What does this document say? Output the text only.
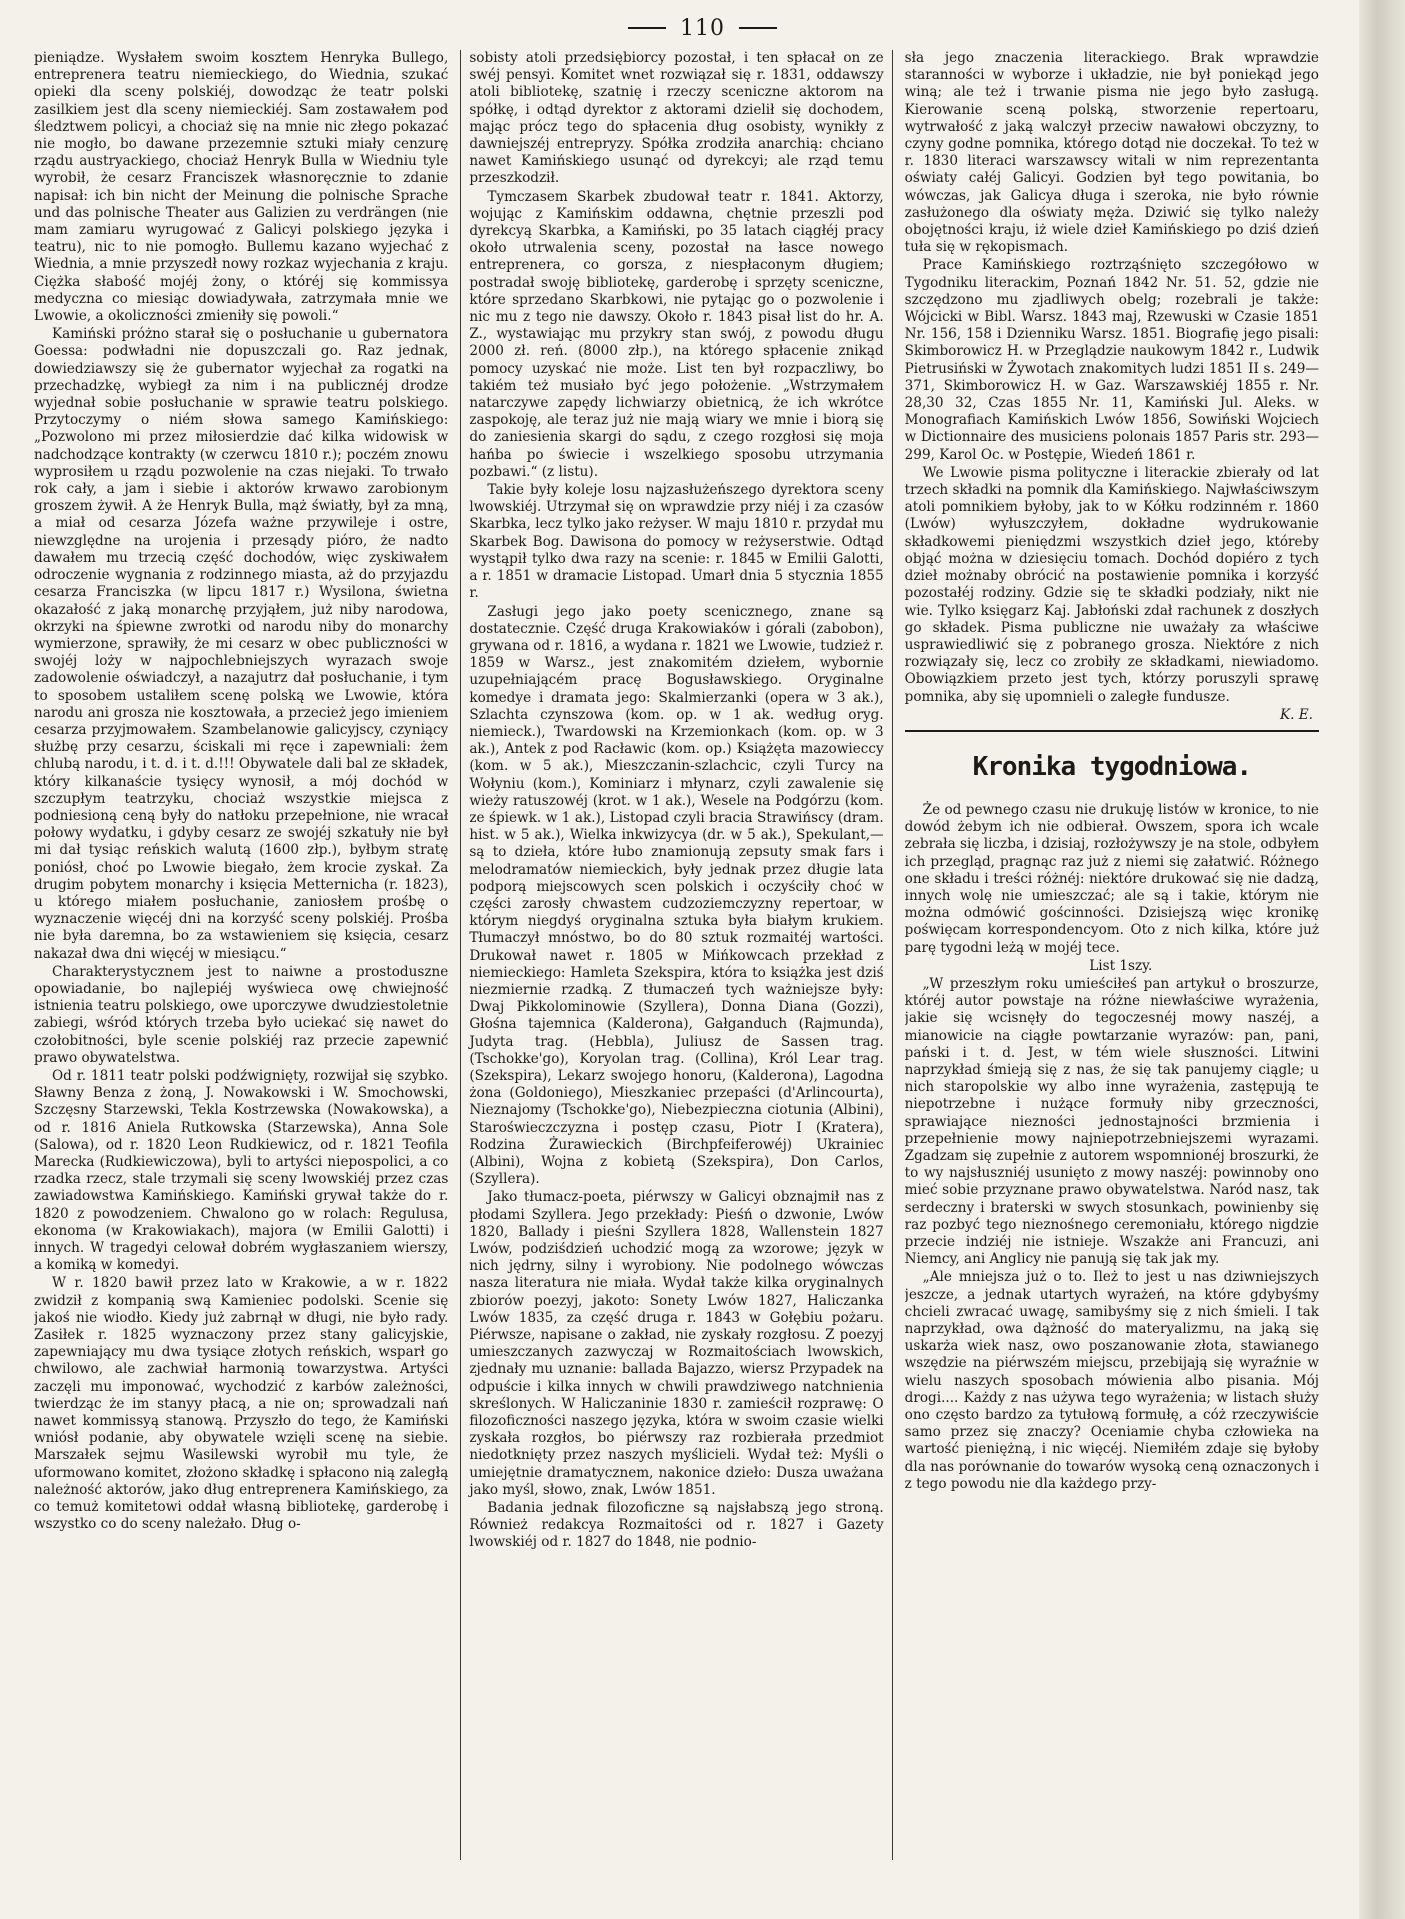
110

pieniądze. Wysłałem swoim kosztem Henryka Bullego, entreprenera teatru niemieckiego, do Wiednia, szukać opieki dla sceny polskiéj, dowodząc że teatr polski zasilkiem jest dla sceny niemieckiéj. Sam zostawałem pod śledztwem policyi, a chociaż się na mnie nic złego pokazać nie mogło, bo dawane przezemnie sztuki miały cenzurę rządu austryackiego, chociaż Henryk Bulla w Wiedniu tyle wyrobił, że cesarz Franciszek własnoręcznie to zdanie napisał: ich bin nicht der Meinung die polnische Sprache und das polnische Theater aus Galizien zu verdrängen (nie mam zamiaru wyrugować z Galicyi polskiego języka i teatru), nic to nie pomogło. Bullemu kazano wyjechać z Wiednia, a mnie przyszedł nowy rozkaz wyjechania z kraju. Ciężka słabość mojéj żony, o któréj się kommissya medyczna co miesiąc dowiadywała, zatrzymała mnie we Lwowie, a okoliczności zmieniły się powoli.“

Kamiński próżno starał się o posłuchanie u gubernatora Goessa: podwładni nie dopuszczali go. Raz jednak, dowiedziawszy się że gubernator wyjechał za rogatki na przechadzkę, wybiegł za nim i na publicznéj drodze wyjednał sobie posłuchanie w sprawie teatru polskiego. Przytoczymy o niém słowa samego Kamińskiego: „Pozwolono mi przez miłosierdzie dać kilka widowisk w nadchodzące kontrakty (w czerwcu 1810 r.); poczém znowu wyprosiłem u rządu pozwolenie na czas niejaki. To trwało rok cały, a jam i siebie i aktorów krwawo zarobionym groszem żywił. A że Henryk Bulla, mąż światły, był za mną, a miał od cesarza Józefa ważne przywileje i ostre, niewzględne na urojenia i przesądy pióro, że nadto dawałem mu trzecią część dochodów, więc zyskiwałem odroczenie wygnania z rodzinnego miasta, aż do przyjazdu cesarza Franciszka (w lipcu 1817 r.) Wysilona, świetna okazałość z jaką monarchę przyjąłem, już niby narodowa, okrzyki na śpiewne zwrotki od narodu niby do monarchy wymierzone, sprawiły, że mi cesarz w obec publiczności w swojéj loży w najpochlebniejszych wyrazach swoje zadowolenie oświadczył, a nazajutrz dał posłuchanie, i tym to sposobem ustaliłem scenę polską we Lwowie, która narodu ani grosza nie kosztowała, a przecież jego imieniem cesarza przyjmowałem. Szambelanowie galicyjscy, czyniący służbę przy cesarzu, ściskali mi ręce i zapewniali: żem chlubą narodu, i t. d. i t. d.!!! Obywatele dali bal ze składek, który kilkanaście tysięcy wynosił, a mój dochód w szczupłym teatrzyku, chociaż wszystkie miejsca z podniesioną ceną były do natłoku przepełnione, nie wracał połowy wydatku, i gdyby cesarz ze swojéj szkatuły nie był mi dał tysiąc reńskich walutą (1600 złp.), byłbym stratę poniósł, choć po Lwowie biegało, żem krocie zyskał. Za drugim pobytem monarchy i księcia Metternicha (r. 1823), u którego miałem posłuchanie, zaniosłem prośbę o wyznaczenie więcéj dni na korzyść sceny polskiéj. Prośba nie była daremna, bo za wstawieniem się księcia, cesarz nakazał dwa dni więcéj w miesiącu.“

Charakterystycznem jest to naiwne a prostoduszne opowiadanie, bo najlepiéj wyświeca owę chwiejność istnienia teatru polskiego, owe uporczywe dwudziestoletnie zabiegi, wśród których trzeba było uciekać się nawet do czołobitności, byle scenie polskiéj raz przecie zapewnić prawo obywatelstwa.

Od r. 1811 teatr polski podźwignięty, rozwijał się szybko. Sławny Benza z żoną, J. Nowakowski i W. Smochowski, Szczęsny Starzewski, Tekla Kostrzewska (Nowakowska), a od r. 1816 Aniela Rutkowska (Starzewska), Anna Sole (Salowa), od r. 1820 Leon Rudkiewicz, od r. 1821 Teofila Marecka (Rudkiewiczowa), byli to artyści niepospolici, a co rzadka rzecz, stale trzymali się sceny lwowskiéj przez czas zawiadowstwa Kamińskiego. Kamiński grywał także do r. 1820 z powodzeniem. Chwalono go w rolach: Regulusa, ekonoma (w Krakowiakach), majora (w Emilii Galotti) i innych. W tragedyi celował dobrém wygłaszaniem wierszy, a komiką w komedyi.

W r. 1820 bawił przez lato w Krakowie, a w r. 1822 zwidził z kompanią swą Kamieniec podolski. Scenie się jakoś nie wiodło. Kiedy już zabrnął w długi, nie było rady. Zasiłek r. 1825 wyznaczony przez stany galicyjskie, zapewniający mu dwa tysiące złotych reńskich, wsparł go chwilowo, ale zachwiał harmonią towarzystwa. Artyści zaczęli mu imponować, wychodzić z karbów zależności, twierdząc że im stanyy płacą, a nie on; sprowadzali nań nawet kommissyą stanową. Przyszło do tego, że Kamiński wniósł podanie, aby obywatele wzięli scenę na siebie. Marszałek sejmu Wasilewski wyrobił mu tyle, że uformowano komitet, złożono składkę i spłacono nią zaległą należność aktorów, jako dług entreprenera Kamińskiego, za co temuż komitetowi oddał własną bibliotekę, garderobę i wszystko co do sceny należało. Dług o-

sobisty atoli przedsiębiorcy pozostał, i ten spłacał on ze swéj pensyi. Komitet wnet rozwiązał się r. 1831, oddawszy atoli bibliotekę, szatnię i rzeczy sceniczne aktorom na spółkę, i odtąd dyrektor z aktorami dzielił się dochodem, mając prócz tego do spłacenia dług osobisty, wynikły z dawniejszéj entrepryzy. Spółka zrodziła anarchią: chciano nawet Kamińskiego usunąć od dyrekcyi; ale rząd temu przeszkodził.

Tymczasem Skarbek zbudował teatr r. 1841. Aktorzy, wojując z Kamińskim oddawna, chętnie przeszli pod dyrekcyą Skarbka, a Kamiński, po 35 latach ciągłéj pracy około utrwalenia sceny, pozostał na łasce nowego entreprenera, co gorsza, z niespłaconym długiem; postradał swoję bibliotekę, garderobę i sprzęty sceniczne, które sprzedano Skarbkowi, nie pytając go o pozwolenie i nic mu z tego nie dawszy. Około r. 1843 pisał list do hr. A. Z., wystawiając mu przykry stan swój, z powodu długu 2000 zł. reń. (8000 złp.), na którego spłacenie znikąd pomocy uzyskać nie może. List ten był rozpaczliwy, bo takiém też musiało być jego położenie. „Wstrzymałem natarczywe zapędy lichwiarzy obietnicą, że ich wkrótce zaspokoję, ale teraz już nie mają wiary we mnie i biorą się do zaniesienia skargi do sądu, z czego rozgłosi się moja hańba po świecie i wszelkiego sposobu utrzymania pozbawi.“ (z listu).

Takie były koleje losu najzasłużeńszego dyrektora sceny lwowskiéj. Utrzymał się on wprawdzie przy niéj i za czasów Skarbka, lecz tylko jako reżyser. W maju 1810 r. przydał mu Skarbek Bog. Dawisona do pomocy w reżyserstwie. Odtąd wystąpił tylko dwa razy na scenie: r. 1845 w Emilii Galotti, a r. 1851 w dramacie Listopad. Umarł dnia 5 stycznia 1855 r.

Zasługi jego jako poety scenicznego, znane są dostatecznie. Część druga Krakowiaków i górali (zabobon), grywana od r. 1816, a wydana r. 1821 we Lwowie, tudzież r. 1859 w Warsz., jest znakomitém dziełem, wybornie uzupełniającém pracę Bogusławskiego. Oryginalne komedye i dramata jego: Skalmierzanki (opera w 3 ak.), Szlachta czynszowa (kom. op. w 1 ak. według oryg. niemieck.), Twardowski na Krzemionkach (kom. op. w 3 ak.), Antek z pod Racławic (kom. op.) Książęta mazowieccy (kom. w 5 ak.), Mieszczanin-szlachcic, czyli Turcy na Wołyniu (kom.), Kominiarz i młynarz, czyli zawalenie się wieży ratuszowéj (krot. w 1 ak.), Wesele na Podgórzu (kom. ze śpiewk. w 1 ak.), Listopad czyli bracia Strawińscy (dram. hist. w 5 ak.), Wielka inkwizycya (dr. w 5 ak.), Spekulant,—są to dzieła, które łubo znamionują zepsuty smak fars i melodramatów niemieckich, były jednak przez długie lata podporą miejscowych scen polskich i oczyściły choć w części zarosły chwastem cudzoziemczyzny repertoar, w którym niegdyś oryginalna sztuka była białym krukiem. Tłumaczył mnóstwo, bo do 80 sztuk rozmaitéj wartości. Drukował nawet r. 1805 w Mińkowcach przekład z niemieckiego: Hamleta Szekspira, która to książka jest dziś niezmiernie rzadką. Z tłumaczeń tych ważniejsze były: Dwaj Pikkolominowie (Szyllera), Donna Diana (Gozzi), Głośna tajemnica (Kalderona), Gałganduch (Rajmunda), Judyta trag. (Hebbla), Juliusz de Sassen trag. (Tschokke'go), Koryolan trag. (Collina), Król Lear trag. (Szekspira), Lekarz swojego honoru, (Kalderona), Lagodna żona (Goldoniego), Mieszkaniec przepaści (d'Arlincourta), Nieznajomy (Tschokke'go), Niebezpieczna ciotunia (Albini), Staroświeczczyzna i postęp czasu, Piotr I (Kratera), Rodzina Żurawieckich (Birchpfeiferowéj) Ukrainiec (Albini), Wojna z kobietą (Szekspira), Don Carlos, (Szyllera).

Jako tłumacz-poeta, piérwszy w Galicyi obznajmił nas z płodami Szyllera. Jego przekłady: Pieśń o dzwonie, Lwów 1820, Ballady i pieśni Szyllera 1828, Wallenstein 1827 Lwów, podziśdzień uchodzić mogą za wzorowe; język w nich jędrny, silny i wyrobiony. Nie podolnego wówczas nasza literatura nie miała. Wydał także kilka oryginalnych zbiorów poezyj, jakoto: Sonety Lwów 1827, Haliczanka Lwów 1835, za część druga r. 1843 w Gołębiu pożaru. Piérwsze, napisane o zakład, nie zyskały rozgłosu. Z poezyj umieszczanych zazwyczaj w Rozmaitościach lwowskich, zjednały mu uznanie: ballada Bajazzo, wiersz Przypadek na odpuście i kilka innych w chwili prawdziwego natchnienia skreślonych. W Haliczaninie 1830 r. zamieścił rozprawę: O filozoficzności naszego języka, która w swoim czasie wielki zyskała rozgłos, bo piérwszy raz rozbierała przedmiot niedotknięty przez naszych myślicieli. Wydał też: Myśli o umiejętnie dramatycznem, nakonice dzieło: Dusza uważana jako myśl, słowo, znak, Lwów 1851.

Badania jednak filozoficzne są najsłabszą jego stroną. Również redakcya Rozmaitości od r. 1827 i Gazety lwowskiéj od r. 1827 do 1848, nie podnio-

sła jego znaczenia literackiego. Brak wprawdzie staranności w wyborze i układzie, nie był poniekąd jego winą; ale też i trwanie pisma nie jego było zasługą. Kierowanie sceną polską, stworzenie repertoaru, wytrwałość z jaką walczył przeciw nawałowi obczyzny, to czyny godne pomnika, którego dotąd nie doczekał. To też w r. 1830 literaci warszawscy witali w nim reprezentanta oświaty całéj Galicyi. Godzien był tego powitania, bo wówczas, jak Galicya długa i szeroka, nie było równie zasłużonego dla oświaty męża. Dziwić się tylko należy obojętności kraju, iż wiele dzieł Kamińskiego po dziś dzień tuła się w rękopismach.

Prace Kamińskiego roztrząśnięto szczegółowo w Tygodniku literackim, Poznań 1842 Nr. 51. 52, gdzie nie szczędzono mu zjadliwych obelg; rozebrali je także: Wójcicki w Bibl. Warsz. 1843 maj, Rzewuski w Czasie 1851 Nr. 156, 158 i Dzienniku Warsz. 1851. Biografię jego pisali: Skimborowicz H. w Przeglądzie naukowym 1842 r., Ludwik Pietrusiński w Żywotach znakomitych ludzi 1851 II s. 249—371, Skimborowicz H. w Gaz. Warszawskiéj 1855 r. Nr. 28,30 32, Czas 1855 Nr. 11, Kamiński Jul. Aleks. w Monografiach Kamińskich Lwów 1856, Sowiński Wojciech w Dictionnaire des musiciens polonais 1857 Paris str. 293—299, Karol Oc. w Postępie, Wiedeń 1861 r.

We Lwowie pisma polityczne i literackie zbierały od lat trzech składki na pomnik dla Kamińskiego. Najwłaściwszym atoli pomnikiem byłoby, jak to w Kółku rodzinném r. 1860 (Lwów) wyłuszczyłem, dokładne wydrukowanie składkowemi pieniędzmi wszystkich dzieł jego, któreby objąć można w dziesięciu tomach. Dochód dopiéro z tych dzieł możnaby obrócić na postawienie pomnika i korzyść pozostałéj rodziny. Gdzie się te składki podziały, nikt nie wie. Tylko księgarz Kaj. Jabłoński zdał rachunek z doszłych go składek. Pisma publiczne nie uważały za właściwe usprawiedliwić się z pobranego grosza. Niektóre z nich rozwiązały się, lecz co zrobiły ze składkami, niewiadomo. Obowiązkiem przeto jest tych, którzy poruszyli sprawę pomnika, aby się upomnieli o zaległe fundusze.

K. E.

Kronika tygodniowa.

Że od pewnego czasu nie drukuję listów w kronice, to nie dowód żebym ich nie odbierał. Owszem, spora ich wcale zebrała się liczba, i dzisiaj, rozłożywszy je na stole, odbyłem ich przegląd, pragnąc raz już z niemi się załatwić. Różnego one składu i treści różnéj: niektóre drukować się nie dadzą, innych wolę nie umieszczać; ale są i takie, którym nie można odmówić gościnności. Dzisiejszą więc kronikę poświęcam korrespondencyom. Oto z nich kilka, które już parę tygodni leżą w mojéj tece.

List 1szy.

„W przeszłym roku umieściłeś pan artykuł o broszurze, któréj autor powstaje na różne niewłaściwe wyrażenia, jakie się wcisnęły do tegoczesnéj mowy naszéj, a mianowicie na ciągłe powtarzanie wyrazów: pan, pani, pański i t. d. Jest, w tém wiele słuszności. Litwini naprzykład śmieją się z nas, że się tak panujemy ciągle; u nich staropolskie wy albo inne wyrażenia, zastępują te niepotrzebne i nużące formuły niby grzeczności, sprawiające niezności jednostajności brzmienia i przepełnienie mowy najniepotrzebniejszemi wyrazami. Zgadzam się zupełnie z autorem wspomnionéj broszurki, że to wy najsłuszniéj usunięto z mowy naszéj: powinnoby ono mieć sobie przyznane prawo obywatelstwa. Naród nasz, tak serdeczny i braterski w swych stosunkach, powinienby się raz pozbyć tego nieznośnego ceremoniału, którego nigdzie przecie indziéj nie istnieje. Wszakże ani Francuzi, ani Niemcy, ani Anglicy nie panują się tak jak my.

„Ale mniejsza już o to. Ileż to jest u nas dziwniejszych jeszcze, a jednak utartych wyrażeń, na które gdybyśmy chcieli zwracać uwagę, samibyśmy się z nich śmieli. I tak naprzykład, owa dążność do materyalizmu, na jaką się uskarża wiek nasz, owo poszanowanie złota, stawianego wszędzie na piérwszém miejscu, przebijają się wyraźnie w wielu naszych sposobach mówienia albo pisania. Mój drogi.... Każdy z nas używa tego wyrażenia; w listach służy ono często bardzo za tytułową formułę, a cóż rzeczywiście samo przez się znaczy? Oceniamie chyba człowieka na wartość pieniężną, i nic więcéj. Niemiłém zdaje się byłoby dla nas porównanie do towarów wysoką ceną oznaczonych i z tego powodu nie dla każdego przy-
